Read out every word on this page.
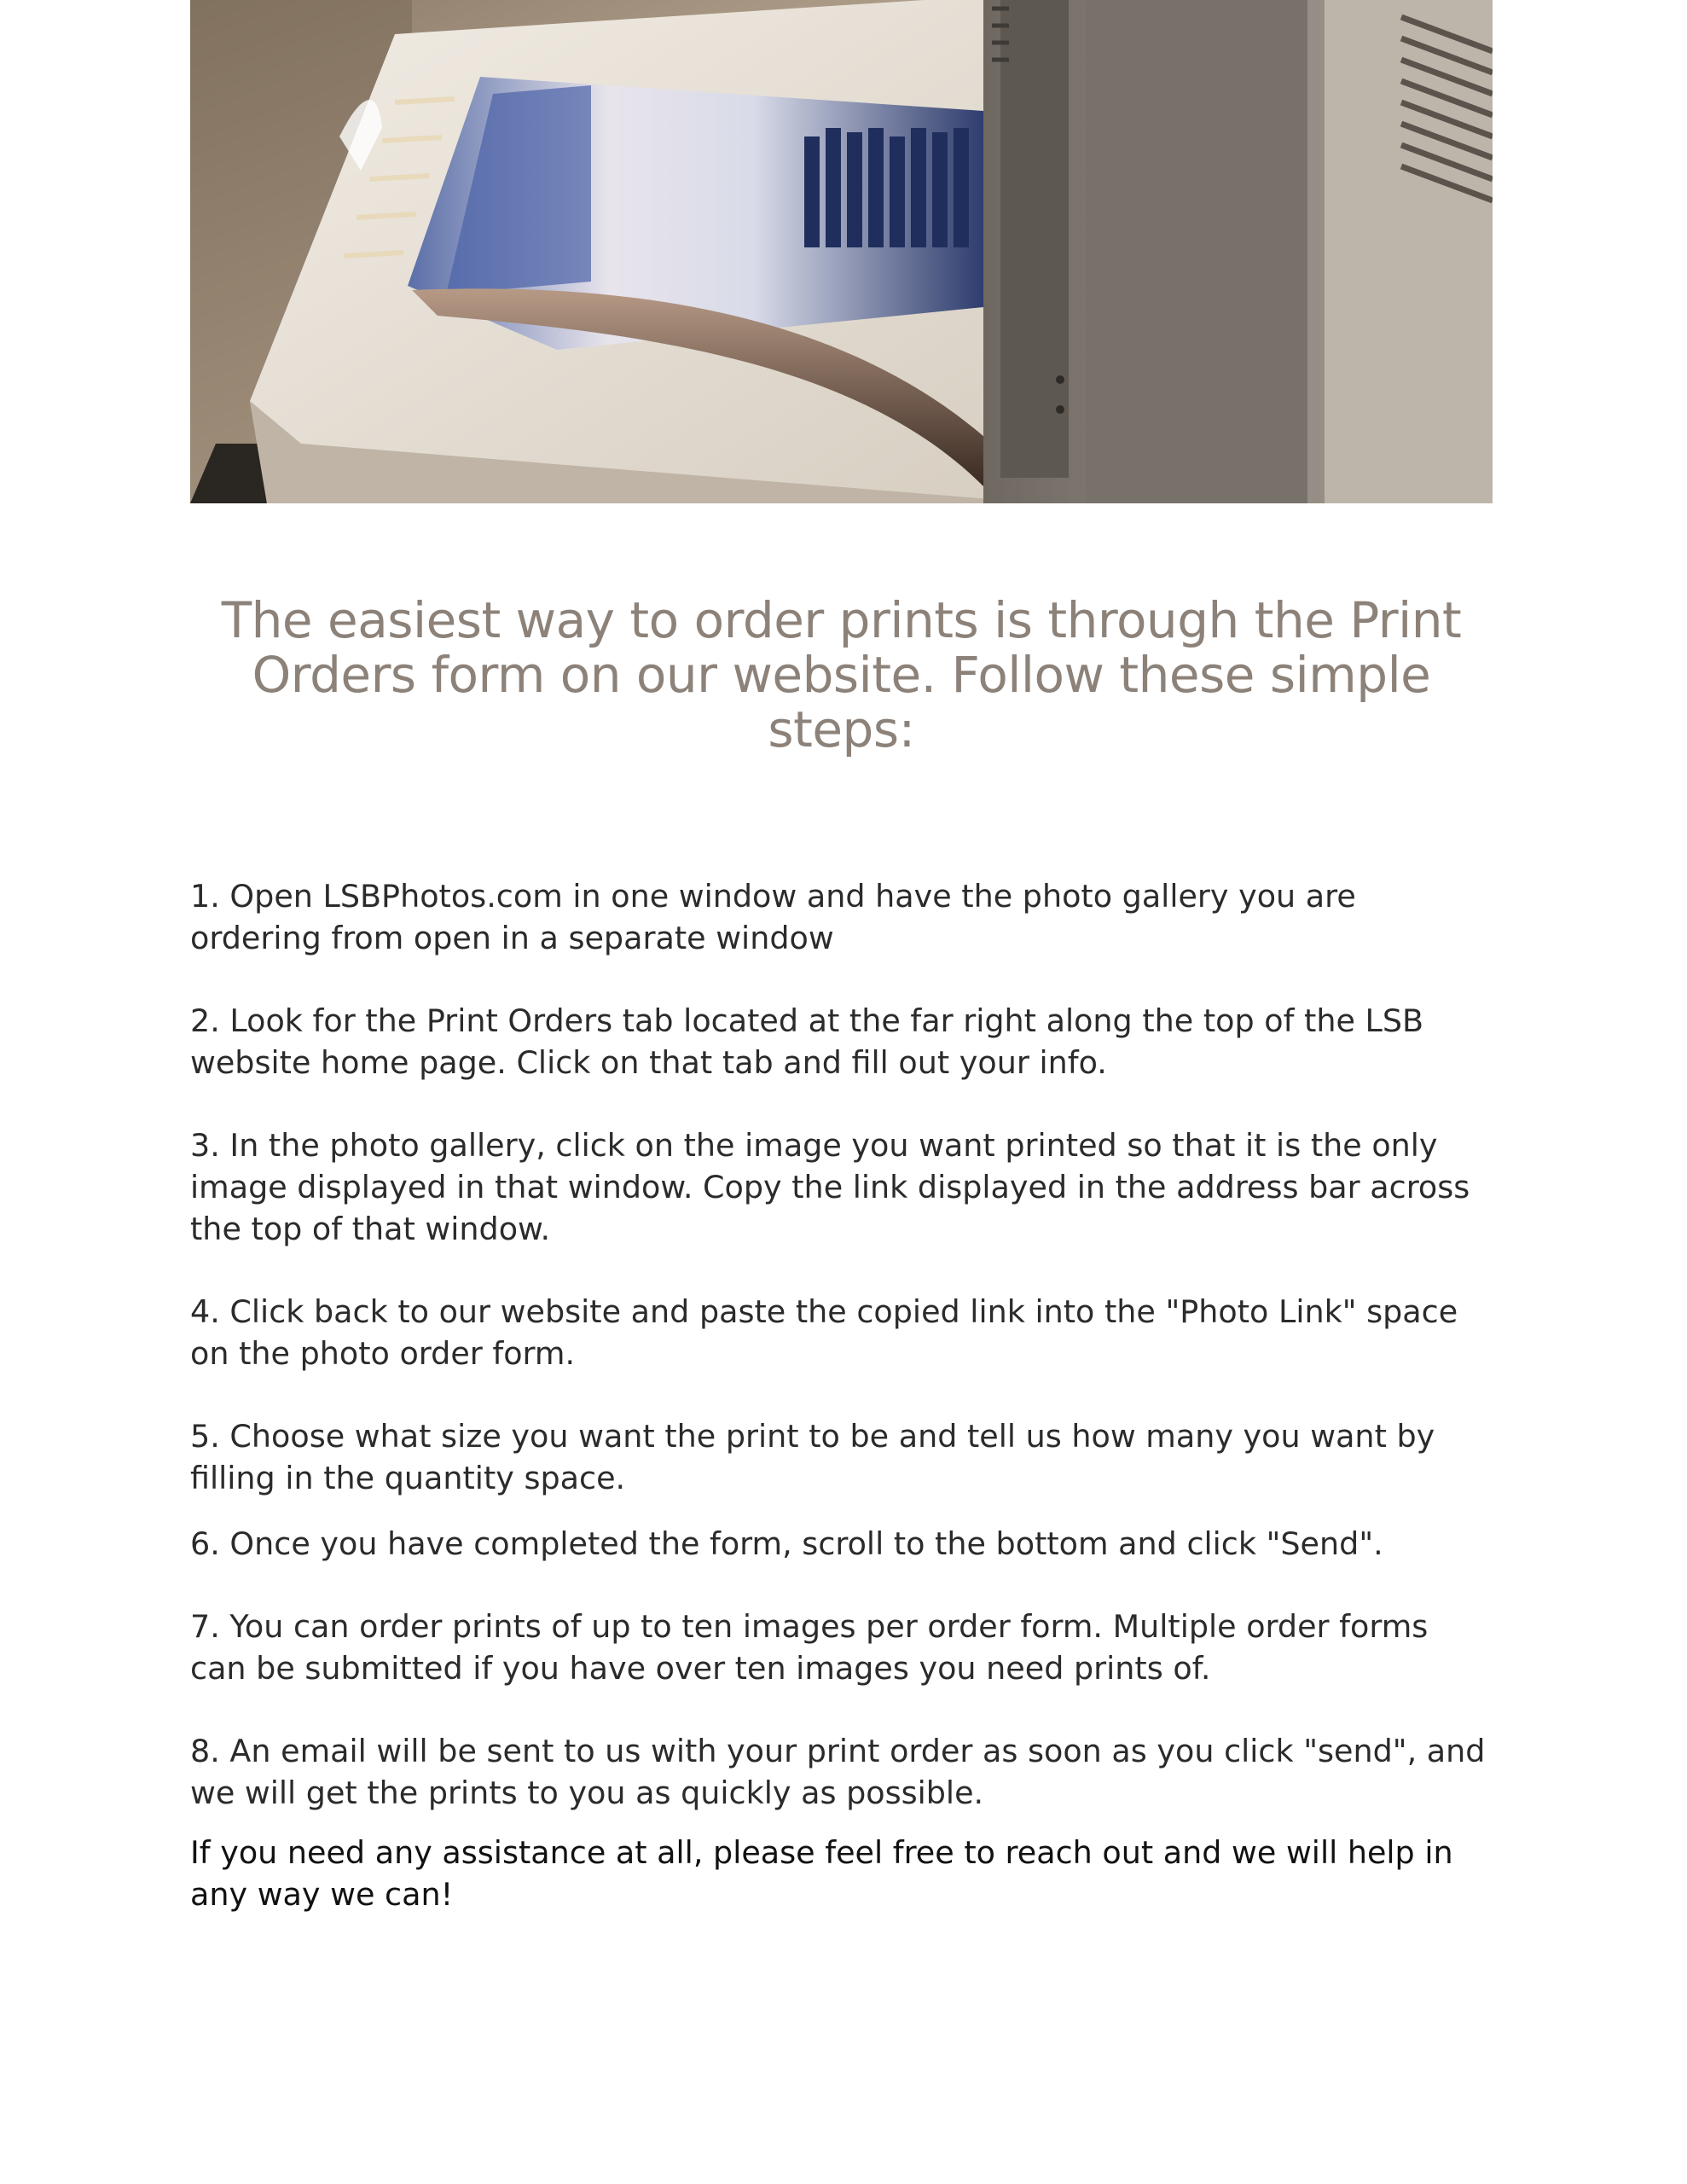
The easiest way to order prints is through the Print Orders form on our website. Follow these simple steps:
1. Open LSBPhotos.com in one window and have the photo gallery you are ordering from open in a separate window
2. Look for the Print Orders tab located at the far right along the top of the LSB website home page. Click on that tab and fill out your info.
3. In the photo gallery, click on the image you want printed so that it is the only image displayed in that window. Copy the link displayed in the address bar across the top of that window.
4. Click back to our website and paste the copied link into the "Photo Link" space on the photo order form.
5. Choose what size you want the print to be and tell us how many you want by filling in the quantity space.
6. Once you have completed the form, scroll to the bottom and click "Send".
7. You can order prints of up to ten images per order form. Multiple order forms can be submitted if you have over ten images you need prints of.
8. An email will be sent to us with your print order as soon as you click "send", and we will get the prints to you as quickly as possible.

If you need any assistance at all, please feel free to reach out and we will help in any way we can!
